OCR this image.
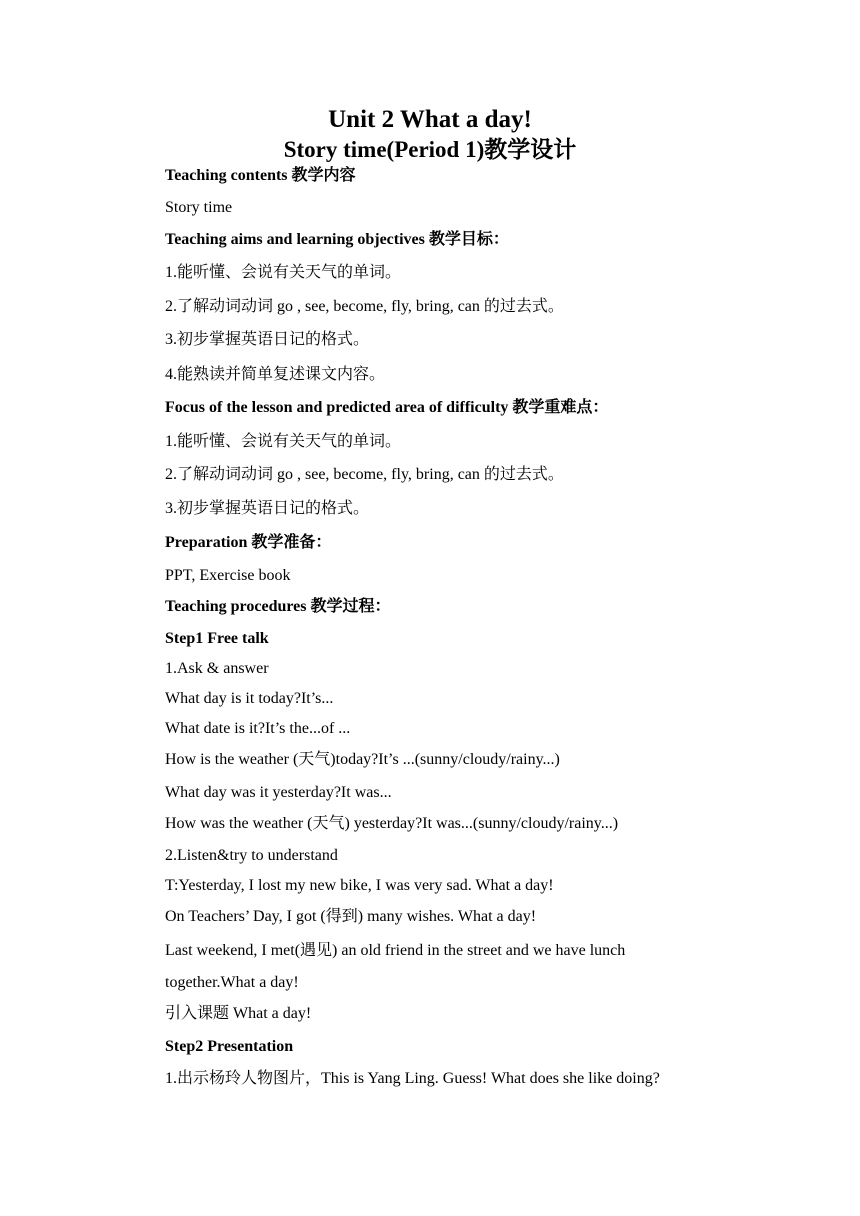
Unit 2 What a day!
Story time(Period 1)教学设计
Teaching contents 教学内容
Story time
Teaching aims and learning objectives 教学目标：
1.能听懂、会说有关天气的单词。
2.了解动词动词 go , see, become, fly, bring, can 的过去式。
3.初步掌握英语日记的格式。
4.能熟读并简单复述课文内容。
Focus of the lesson and predicted area of difficulty 教学重难点：
1.能听懂、会说有关天气的单词。
2.了解动词动词 go , see, become, fly, bring, can 的过去式。
3.初步掌握英语日记的格式。
Preparation 教学准备：
PPT, Exercise book
Teaching procedures 教学过程：
Step1 Free talk
1.Ask & answer
What day is it today?It’s...
What date is it?It’s the...of ...
How is the weather (天气)today?It’s ...(sunny/cloudy/rainy...)
What day was it yesterday?It was...
How was the weather (天气) yesterday?It was...(sunny/cloudy/rainy...)
2.Listen&try to understand
T:Yesterday, I lost my new bike, I was very sad. What a day!
On Teachers’ Day, I got (得到) many wishes. What a day!
Last weekend, I met(遇见) an old friend in the street and we have lunch
together.What a day!
引入课题 What a day!
Step2 Presentation
1.出示杨玲人物图片，This is Yang Ling. Guess! What does she like doing?
